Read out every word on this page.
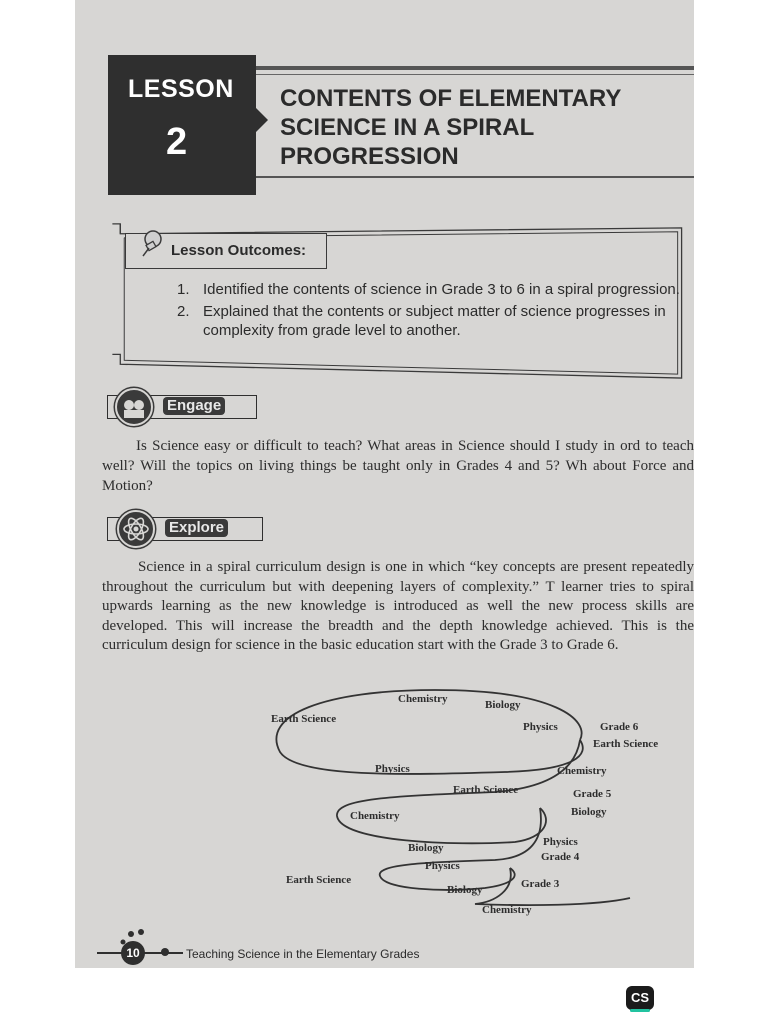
LESSON
2
CONTENTS OF ELEMENTARY SCIENCE IN A SPIRAL PROGRESSION
Lesson Outcomes:
1. Identified the contents of science in Grade 3 to 6 in a spiral progression.
2. Explained that the contents or subject matter of science progresses in complexity from grade level to another.
Engage
Is Science easy or difficult to teach? What areas in Science should I study in ord to teach well? Will the topics on living things be taught only in Grades 4 and 5? Wh about Force and Motion?
Explore
Science in a spiral curriculum design is one in which “key concepts are present repeatedly throughout the curriculum but with deepening layers of complexity.” T learner tries to spiral upwards learning as the new knowledge is introduced as well the new process skills are developed. This will increase the breadth and the depth knowledge achieved. This is the curriculum design for science in the basic education start with the Grade 3 to Grade 6.
Chemistry	Biology
Earth Science
Physics	Grade 6
Earth Science
Physics	Chemistry
Earth Science	Grade 5
Biology
Chemistry
Physics
Biology
Grade 4
Physics
Earth Science	Grade 3
Biology
Chemistry
10	Teaching Science in the Elementary Grades
CS
